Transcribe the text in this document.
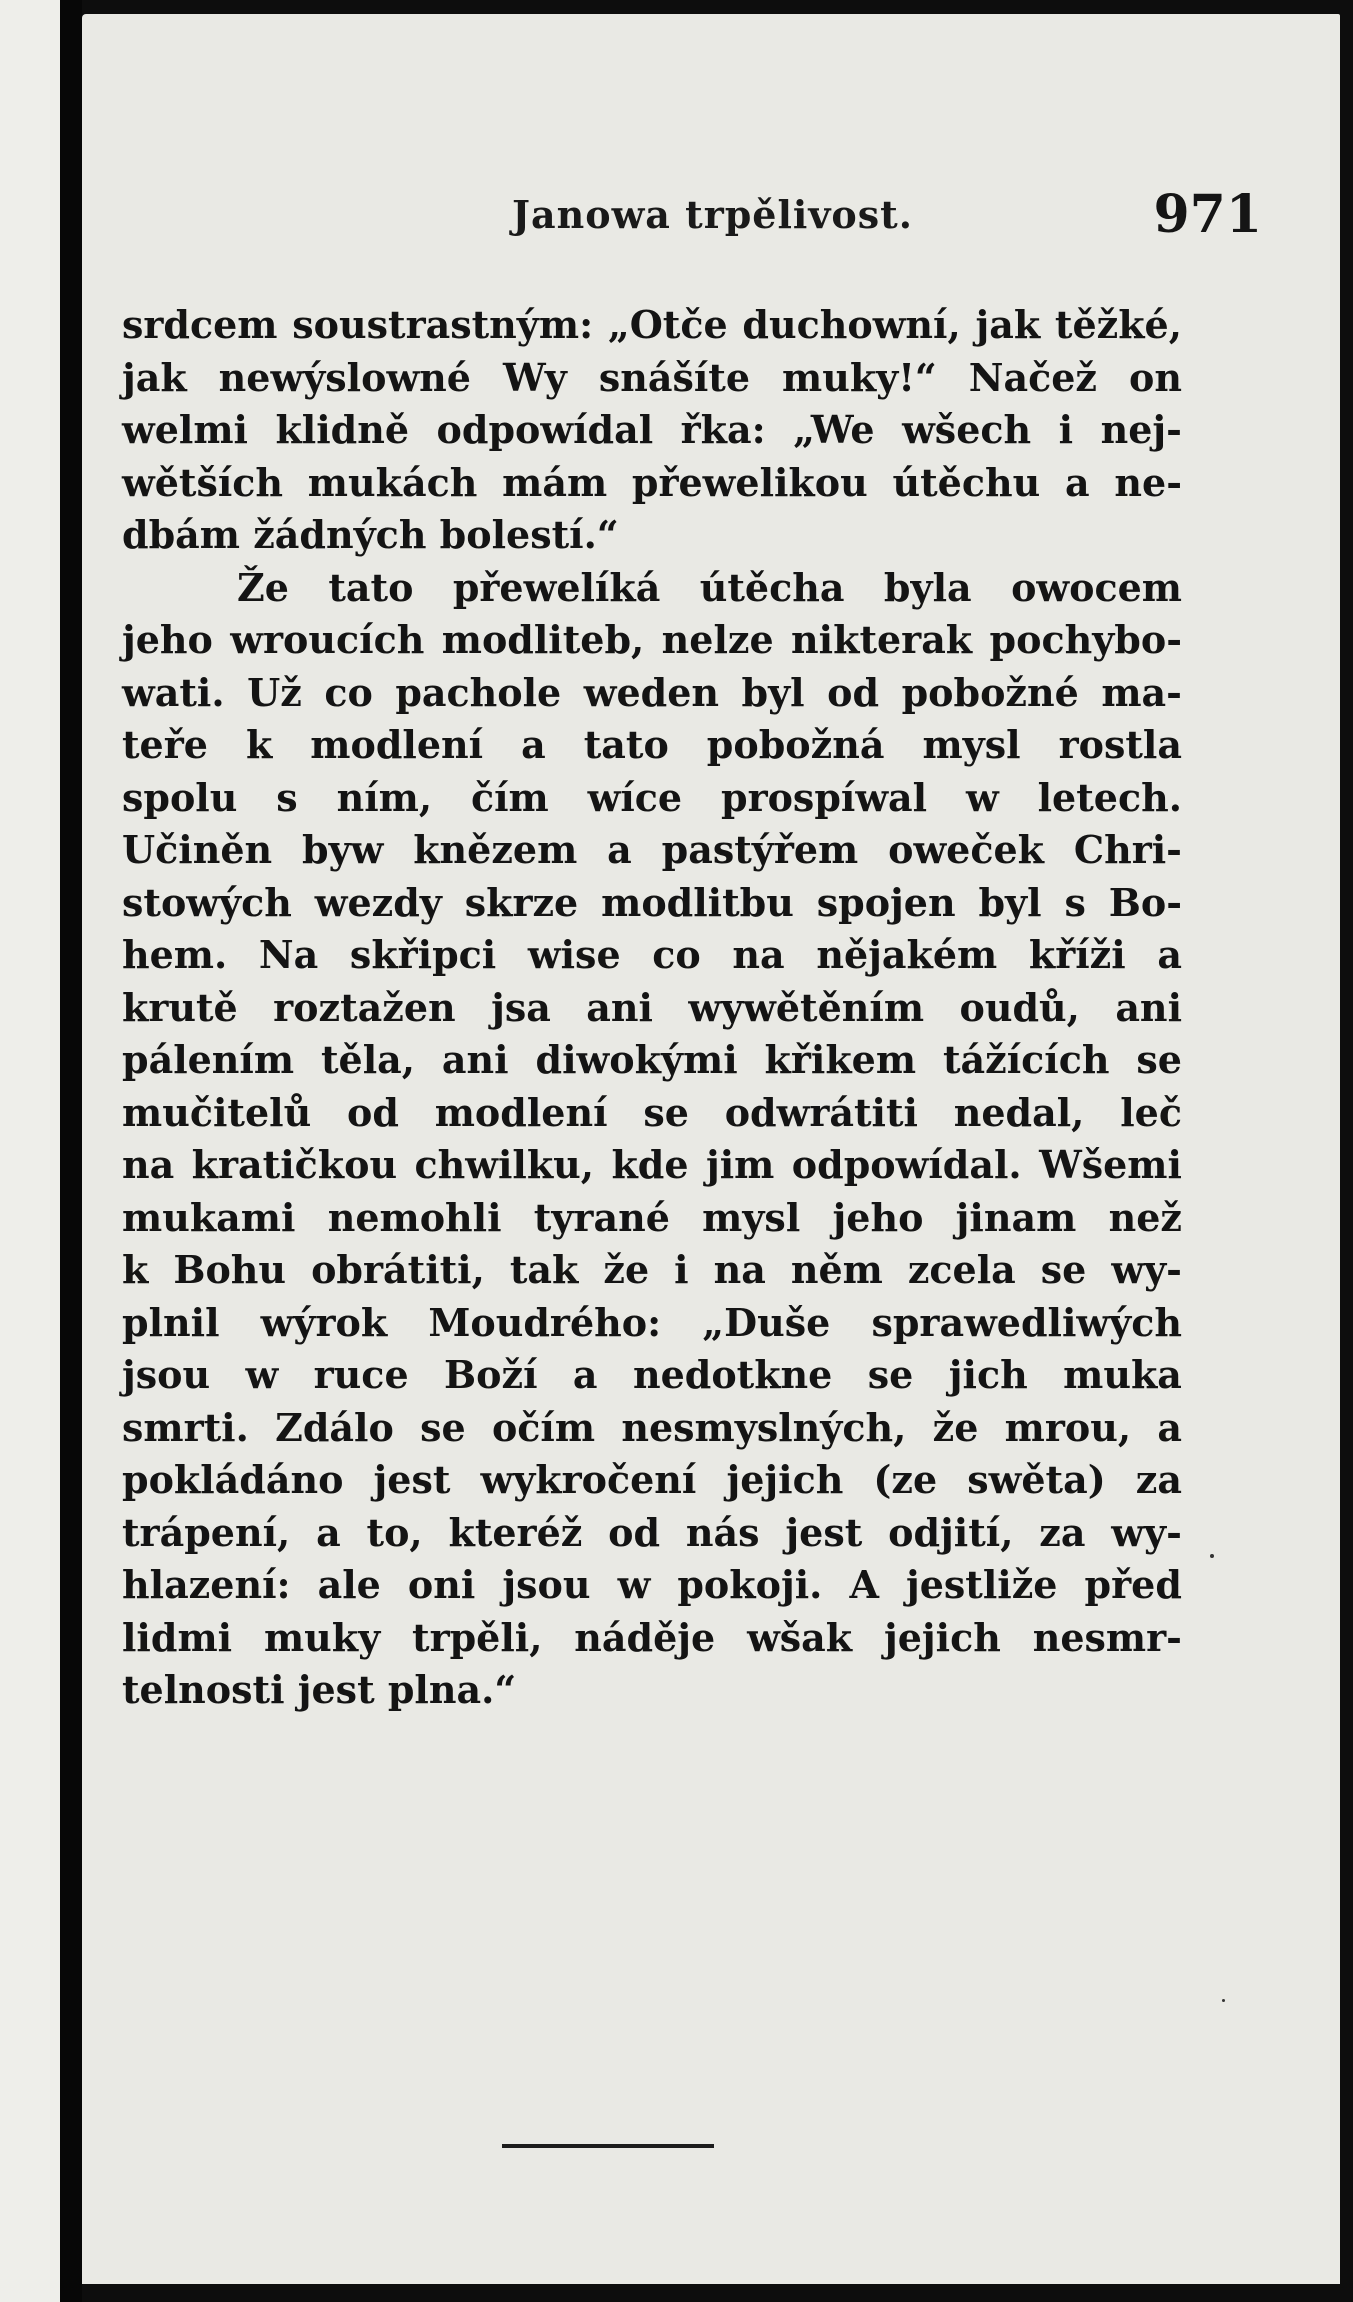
Janowa trpělivost.	971
srdcem soustrastným: „Otče duchowní, jak těžké,
jak newýslowné Wy snášíte muky!“ Načež on
welmi klidně odpowídal řka: „We wšech i nej-
wětších mukách mám přewelikou útěchu a ne-
dbám žádných bolestí.“
Že tato přewelíká útěcha byla owocem
jeho wroucích modliteb, nelze nikterak pochybo-
wati. Už co pachole weden byl od pobožné ma-
teře k modlení a tato pobožná mysl rostla
spolu s ním, čím wíce prospíwal w letech.
Učiněn byw knězem a pastýřem oweček Chri-
stowých wezdy skrze modlitbu spojen byl s Bo-
hem. Na skřipci wise co na nějakém kříži a
krutě roztažen jsa ani wywětěním oudů, ani
pálením těla, ani diwokými křikem tážících se
mučitelů od modlení se odwrátiti nedal, leč
na kratičkou chwilku, kde jim odpowídal. Wšemi
mukami nemohli tyrané mysl jeho jinam než
k Bohu obrátiti, tak že i na něm zcela se wy-
plnil wýrok Moudrého: „Duše sprawedliwých
jsou w ruce Boží a nedotkne se jich muka
smrti. Zdálo se očím nesmyslných, že mrou, a
pokládáno jest wykročení jejich (ze swěta) za
trápení, a to, kteréž od nás jest odjití, za wy-
hlazení: ale oni jsou w pokoji. A jestliže před
lidmi muky trpěli, náděje wšak jejich nesmr-
telnosti jest plna.“
